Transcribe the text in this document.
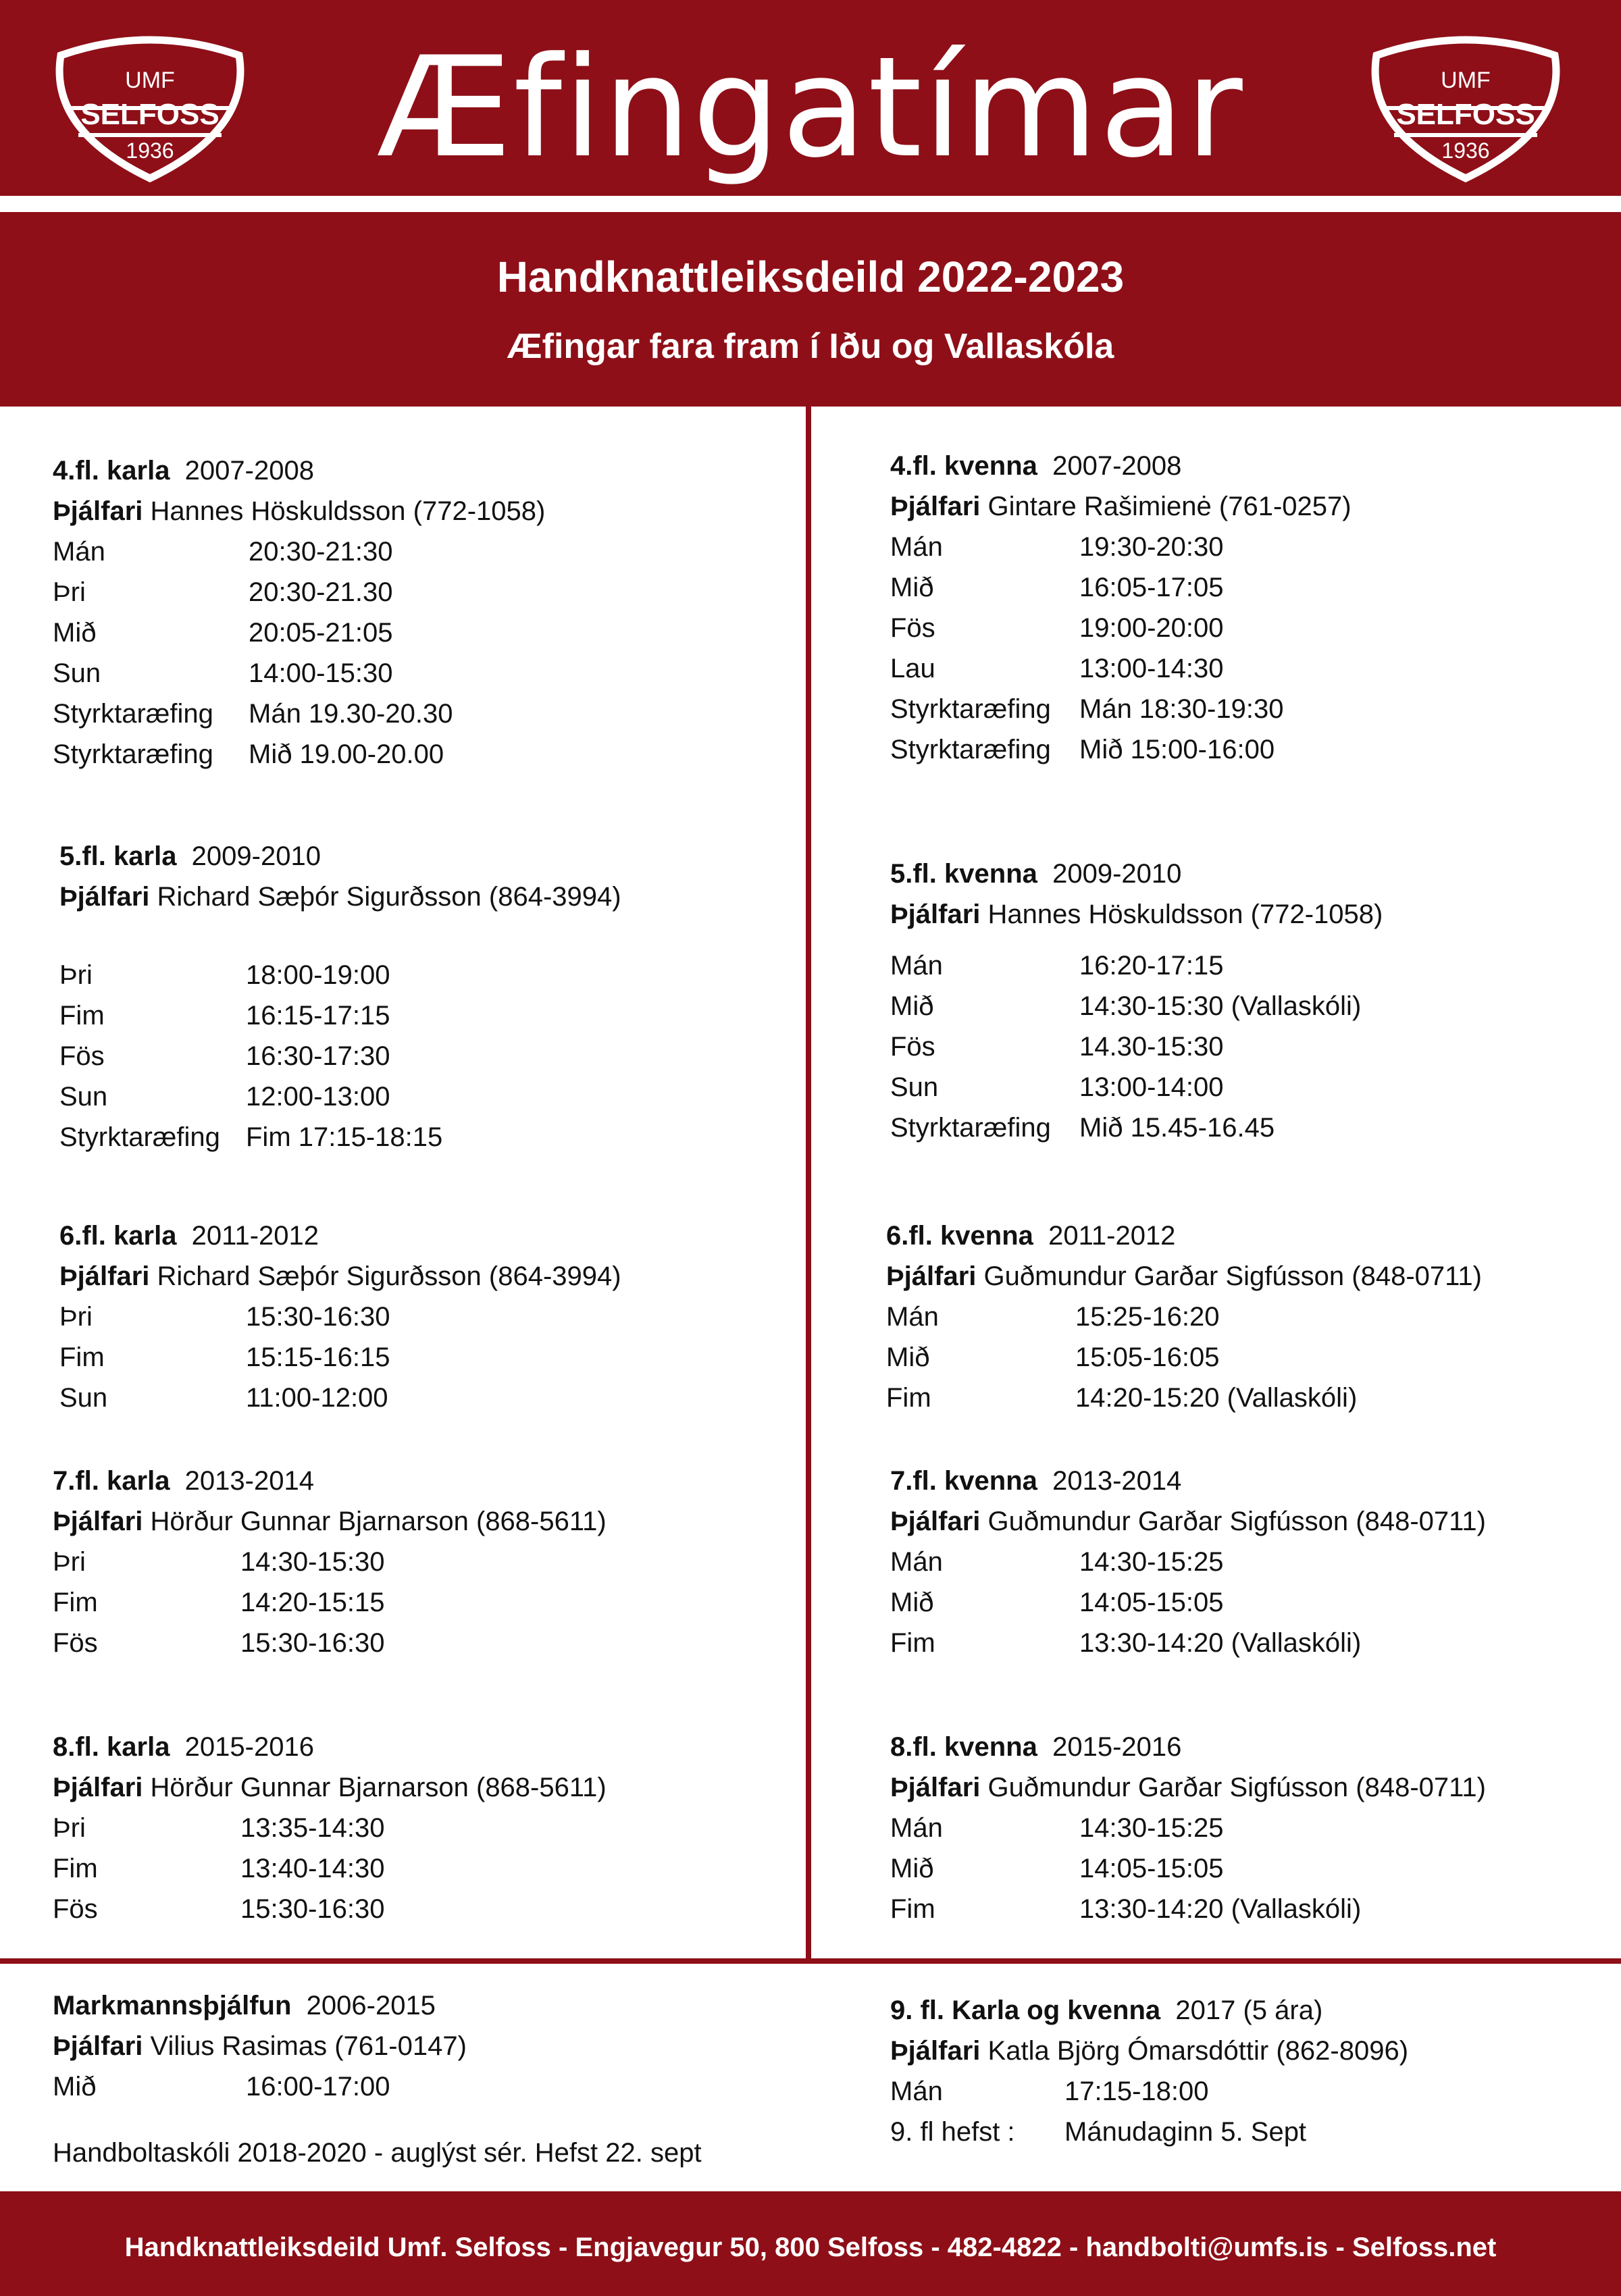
UMF
SELFOSS
1936
UMF
SELFOSS
1936
Æfingatímar
Handknattleiksdeild 2022-2023
Æfingar fara fram í Iðu og Vallaskóla
4.fl. karla 2007-2008
Þjálfari Hannes Höskuldsson (772-1058)
Mán	20:30-21:30
Þri	20:30-21.30
Mið	20:05-21:05
Sun	14:00-15:30
Styrktaræfing Mán 19.30-20.30
Styrktaræfing Mið 19.00-20.00
5.fl. karla 2009-2010
Þjálfari Richard Sæþór Sigurðsson (864-3994)
Þri	18:00-19:00
Fim	16:15-17:15
Fös	16:30-17:30
Sun	12:00-13:00
Styrktaræfing Fim 17:15-18:15
6.fl. karla 2011-2012
Þjálfari Richard Sæþór Sigurðsson (864-3994)
Þri	15:30-16:30
Fim	15:15-16:15
Sun	11:00-12:00
7.fl. karla 2013-2014
Þjálfari Hörður Gunnar Bjarnarson (868-5611)
Þri	14:30-15:30
Fim	14:20-15:15
Fös	15:30-16:30
8.fl. karla 2015-2016
Þjálfari Hörður Gunnar Bjarnarson (868-5611)
Þri	13:35-14:30
Fim	13:40-14:30
Fös	15:30-16:30
4.fl. kvenna 2007-2008
Þjálfari Gintare Rašimienė (761-0257)
Mán	19:30-20:30
Mið	16:05-17:05
Fös	19:00-20:00
Lau	13:00-14:30
Styrktaræfing Mán 18:30-19:30
Styrktaræfing Mið 15:00-16:00
5.fl. kvenna 2009-2010
Þjálfari Hannes Höskuldsson (772-1058)
Mán	16:20-17:15
Mið	14:30-15:30 (Vallaskóli)
Fös	14.30-15:30
Sun	13:00-14:00
Styrktaræfing Mið 15.45-16.45
6.fl. kvenna 2011-2012
Þjálfari Guðmundur Garðar Sigfússon (848-0711)
Mán	15:25-16:20
Mið	15:05-16:05
Fim	14:20-15:20 (Vallaskóli)
7.fl. kvenna 2013-2014
Þjálfari Guðmundur Garðar Sigfússon (848-0711)
Mán	14:30-15:25
Mið	14:05-15:05
Fim	13:30-14:20 (Vallaskóli)
8.fl. kvenna 2015-2016
Þjálfari Guðmundur Garðar Sigfússon (848-0711)
Mán	14:30-15:25
Mið	14:05-15:05
Fim	13:30-14:20 (Vallaskóli)
Markmannsþjálfun 2006-2015
Þjálfari Vilius Rasimas (761-0147)
Mið	16:00-17:00
Handboltaskóli 2018-2020 - auglýst sér. Hefst 22. sept
9. fl. Karla og kvenna 2017 (5 ára)
Þjálfari Katla Björg Ómarsdóttir (862-8096)
Mán	17:15-18:00
9. fl hefst : Mánudaginn 5. Sept
Handknattleiksdeild Umf. Selfoss - Engjavegur 50, 800 Selfoss - 482-4822 - handbolti@umfs.is - Selfoss.net
